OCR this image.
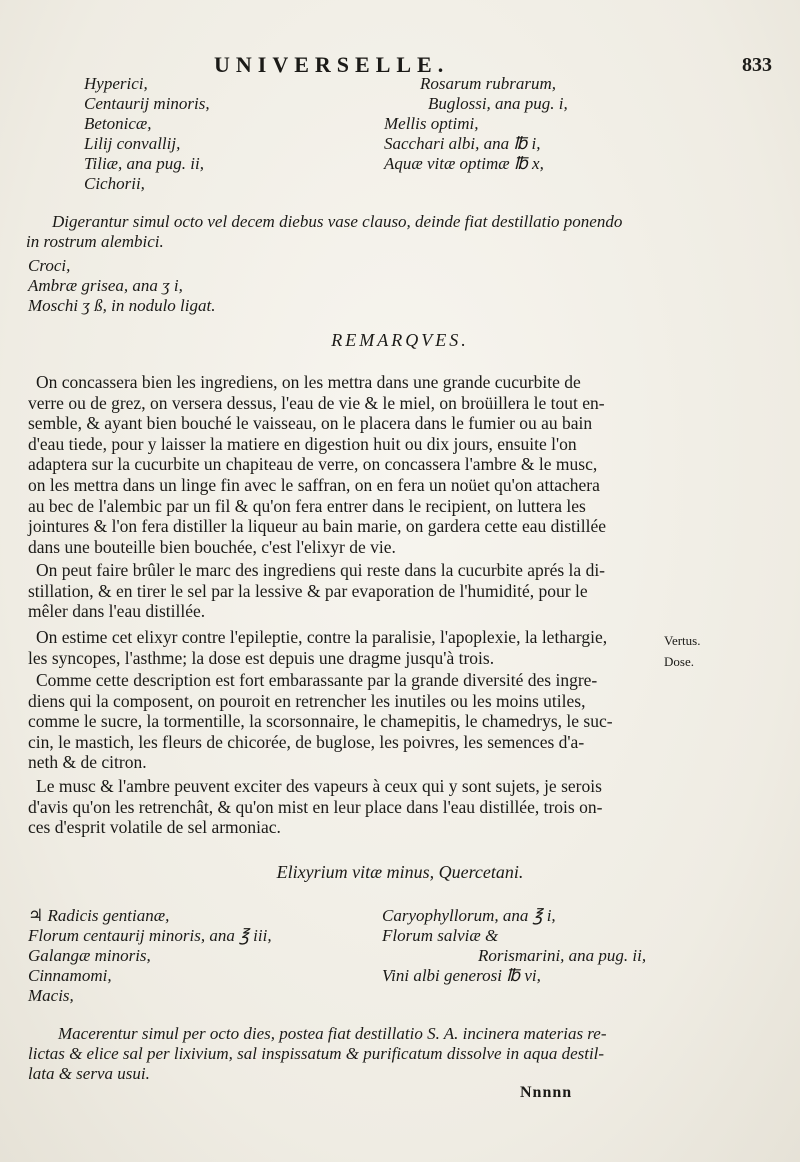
UNIVERSELLE.	833
Hyperici,
Centaurij minoris,
Betonicæ,
Lilij convallij,
Tiliæ, ana pug. ii,
Cichorii,
Rosarum rubrarum,
Buglossi, ana pug. i,
Mellis optimi,
Sacchari albi, ana ℔ i,
Aquæ vitæ optimæ ℔ x,
Digerantur simul octo vel decem diebus vase clauso, deinde fiat destillatio ponendo
in rostrum alembici.
Croci,
Ambræ grisea, ana ʒ i,
Moschi ʒ ß, in nodulo ligat.
REMARQVES.
On concassera bien les ingrediens, on les mettra dans une grande cucurbite de
verre ou de grez, on versera dessus, l'eau de vie & le miel, on broüillera le tout en-
semble, & ayant bien bouché le vaisseau, on le placera dans le fumier ou au bain
d'eau tiede, pour y laisser la matiere en digestion huit ou dix jours, ensuite l'on
adaptera sur la cucurbite un chapiteau de verre, on concassera l'ambre & le musc,
on les mettra dans un linge fin avec le saffran, on en fera un noüet qu'on attachera
au bec de l'alembic par un fil & qu'on fera entrer dans le recipient, on luttera les
jointures & l'on fera distiller la liqueur au bain marie, on gardera cette eau distillée
dans une bouteille bien bouchée, c'est l'elixyr de vie.
On peut faire brûler le marc des ingrediens qui reste dans la cucurbite aprés la di-
stillation, & en tirer le sel par la lessive & par evaporation de l'humidité, pour le
mêler dans l'eau distillée.
On estime cet elixyr contre l'epileptie, contre la paralisie, l'apoplexie, la lethargie,
les syncopes, l'asthme; la dose est depuis une dragme jusqu'à trois.
Vertus.
Dose.
Comme cette description est fort embarassante par la grande diversité des ingre-
diens qui la composent, on pouroit en retrencher les inutiles ou les moins utiles,
comme le sucre, la tormentille, la scorsonnaire, le chamepitis, le chamedrys, le suc-
cin, le mastich, les fleurs de chicorée, de buglose, les poivres, les semences d'a-
neth & de citron.
Le musc & l'ambre peuvent exciter des vapeurs à ceux qui y sont sujets, je serois
d'avis qu'on les retrenchât, & qu'on mist en leur place dans l'eau distillée, trois on-
ces d'esprit volatile de sel armoniac.
Elixyrium vitæ minus, Quercetani.
♃ Radicis gentianæ,
Florum centaurij minoris, ana ℥ iii,
Galangæ minoris,
Cinnamomi,
Macis,
Caryophyllorum, ana ℥ i,
Florum salviæ &
Rorismarini, ana pug. ii,
Vini albi generosi ℔ vi,
Macerentur simul per octo dies, postea fiat destillatio S. A. incinera materias re-
lictas & elice sal per lixivium, sal inspissatum & purificatum dissolve in aqua destil-
lata & serva usui.
Nnnnn
